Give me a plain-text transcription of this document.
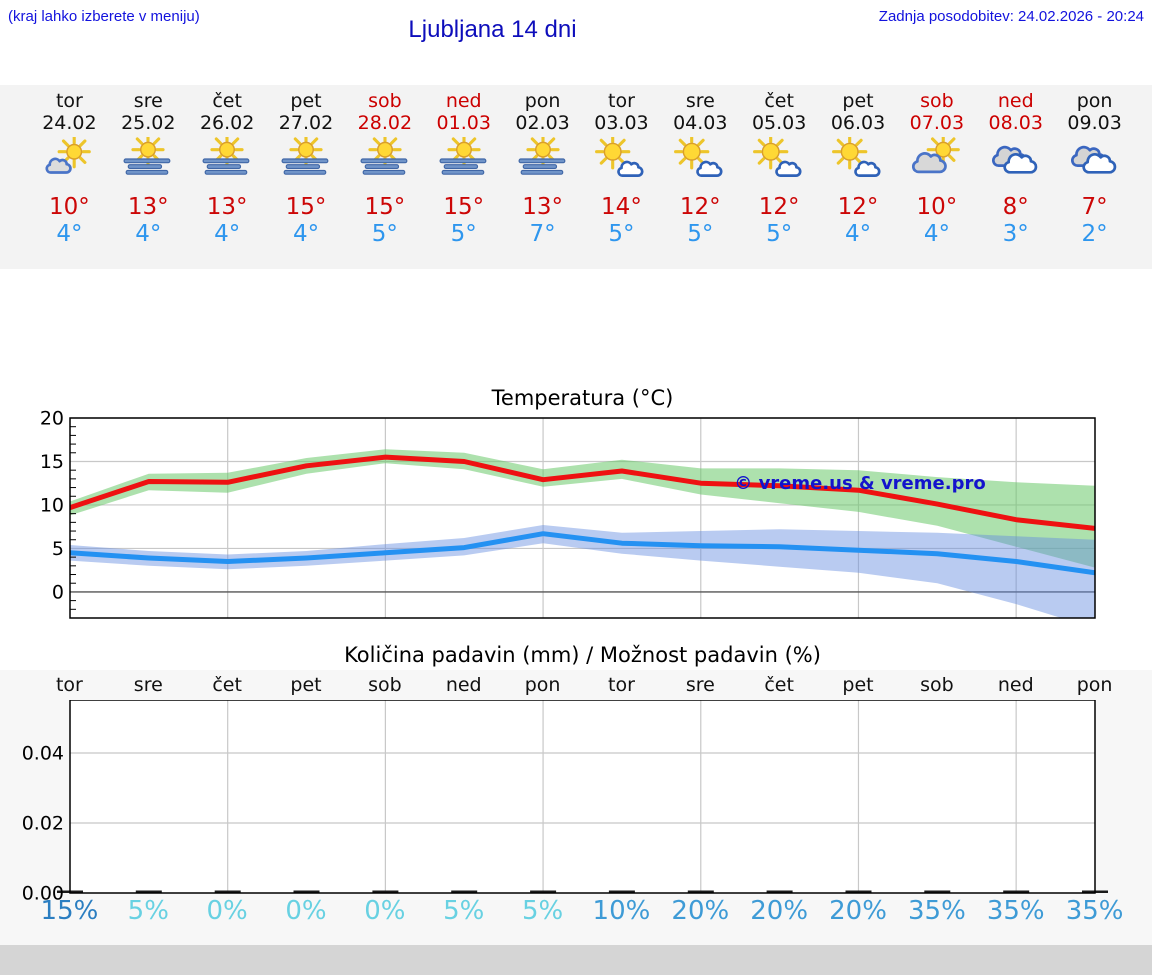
(kraj lahko izberete v meniju)	Ljubljana 14 dni	Zadnja posodobitev: 24.02.2026 - 20:24
tor
24.02
10°
4°
sre
25.02
13°
4°
čet
26.02
13°
4°
pet
27.02
15°
4°
sob
28.02
15°
5°
ned
01.03
15°
5°
pon
02.03
13°
7°
tor
03.03
14°
5°
sre
04.03
12°
5°
čet
05.03
12°
5°
pet
06.03
12°
4°
sob
07.03
10°
4°
ned
08.03
8°
3°
pon
09.03
7°
2°
Temperatura (°C)
© vreme.us & vreme.pro
0
5
10
15
20
Količina padavin (mm) / Možnost padavin (%)
tor	sre	čet	pet	sob	ned	pon	tor	sre	čet	pet	sob	ned	pon
0.00
0.02
0.04
15%	5%	0%	0%	0%	5%	5%	10% 20% 20% 20% 35% 35% 35%
